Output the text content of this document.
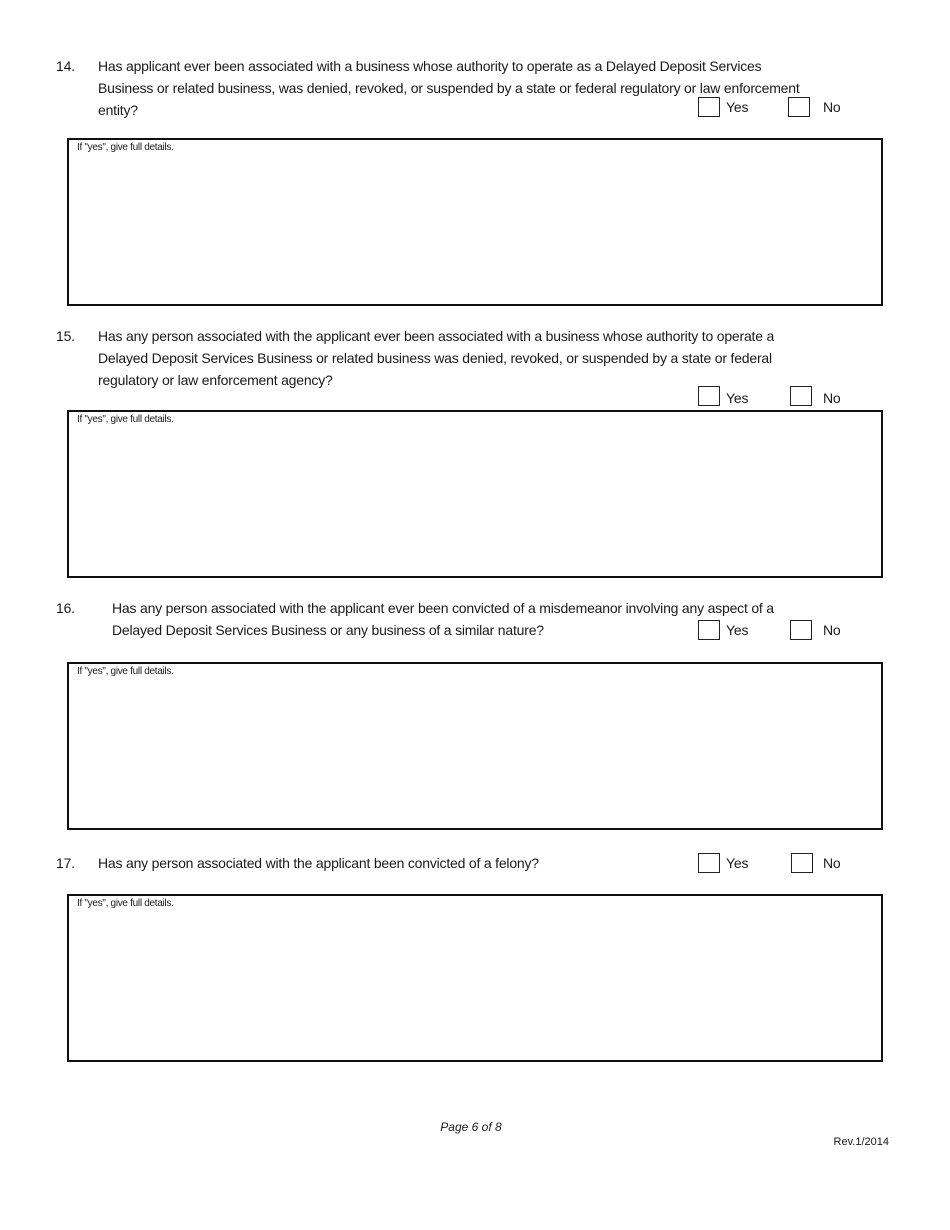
14. Has applicant ever been associated with a business whose authority to operate as a Delayed Deposit Services
Business or related business, was denied, revoked, or suspended by a state or federal regulatory or law enforcement
entity?	Yes	No
If "yes", give full details.
15. Has any person associated with the applicant ever been associated with a business whose authority to operate a
Delayed Deposit Services Business or related business was denied, revoked, or suspended by a state or federal
regulatory or law enforcement agency?
Yes	No
If "yes", give full details.
16.	Has any person associated with the applicant ever been convicted of a misdemeanor involving any aspect of a
Delayed Deposit Services Business or any business of a similar nature?	Yes	No
If "yes", give full details.
17. Has any person associated with the applicant been convicted of a felony?	Yes	No
If "yes", give full details.
Page 6 of 8
Rev.1/2014
